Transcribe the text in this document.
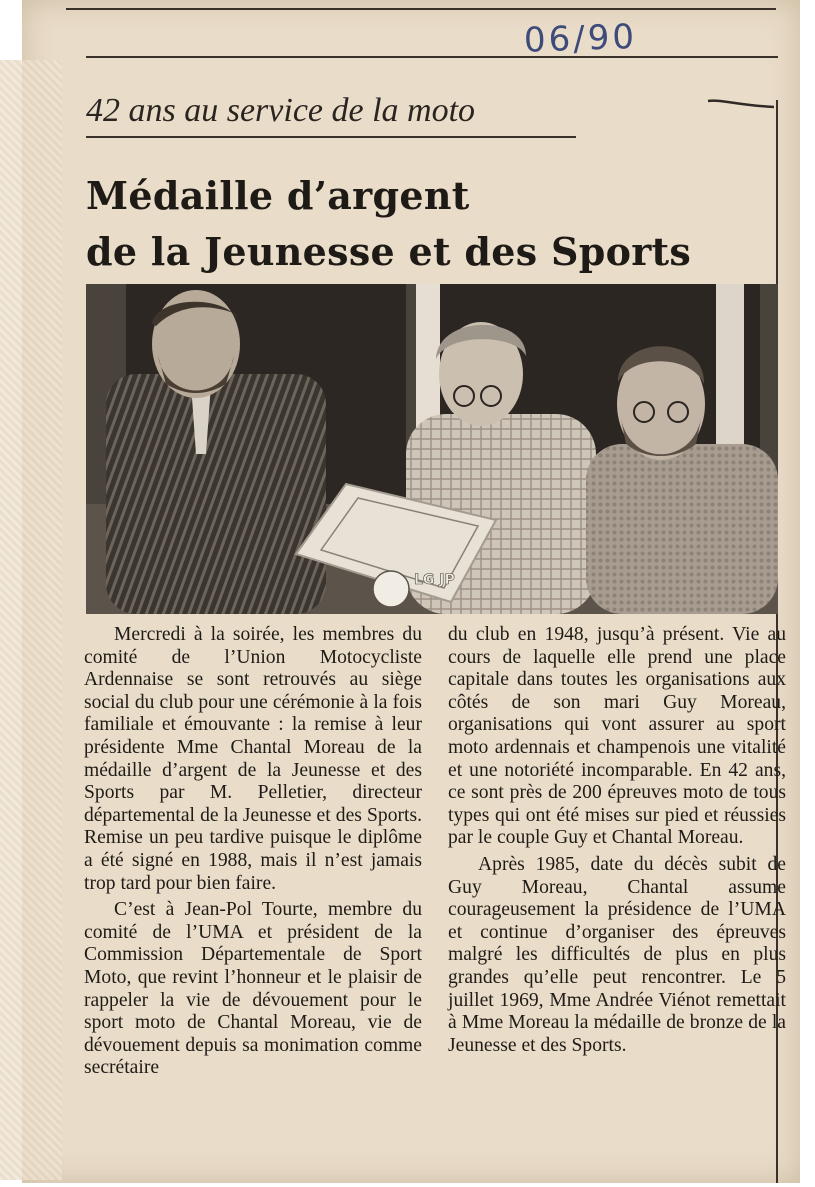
06/90
42 ans au service de la moto
Médaille d’argent
de la Jeunesse et des Sports
LG JP

Mercredi à la soirée, les membres du comité de l’Union Motocycliste Ardennaise se sont retrouvés au siège social du club pour une cérémonie à la fois familiale et émouvante : la remise à leur présidente Mme Chantal Moreau de la médaille d’argent de la Jeunesse et des Sports par M. Pelletier, directeur départemental de la Jeunesse et des Sports. Remise un peu tardive puisque le diplôme a été signé en 1988, mais il n’est jamais trop tard pour bien faire.

C’est à Jean-Pol Tourte, membre du comité de l’UMA et président de la Commission Départementale de Sport Moto, que revint l’honneur et le plaisir de rappeler la vie de dévouement pour le sport moto de Chantal Moreau, vie de dévouement depuis sa monimation comme secrétaire

du club en 1948, jusqu’à présent. Vie au cours de laquelle elle prend une place capitale dans toutes les organisations aux côtés de son mari Guy Moreau, organisations qui vont assurer au sport moto ardennais et champenois une vitalité et une notoriété incomparable. En 42 ans, ce sont près de 200 épreuves moto de tous types qui ont été mises sur pied et réussies par le couple Guy et Chantal Moreau.

Après 1985, date du décès subit de Guy Moreau, Chantal assume courageusement la présidence de l’UMA et continue d’organiser des épreuves malgré les difficultés de plus en plus grandes qu’elle peut rencontrer. Le 5 juillet 1969, Mme Andrée Viénot remettait à Mme Moreau la médaille de bronze de la Jeunesse et des Sports.
